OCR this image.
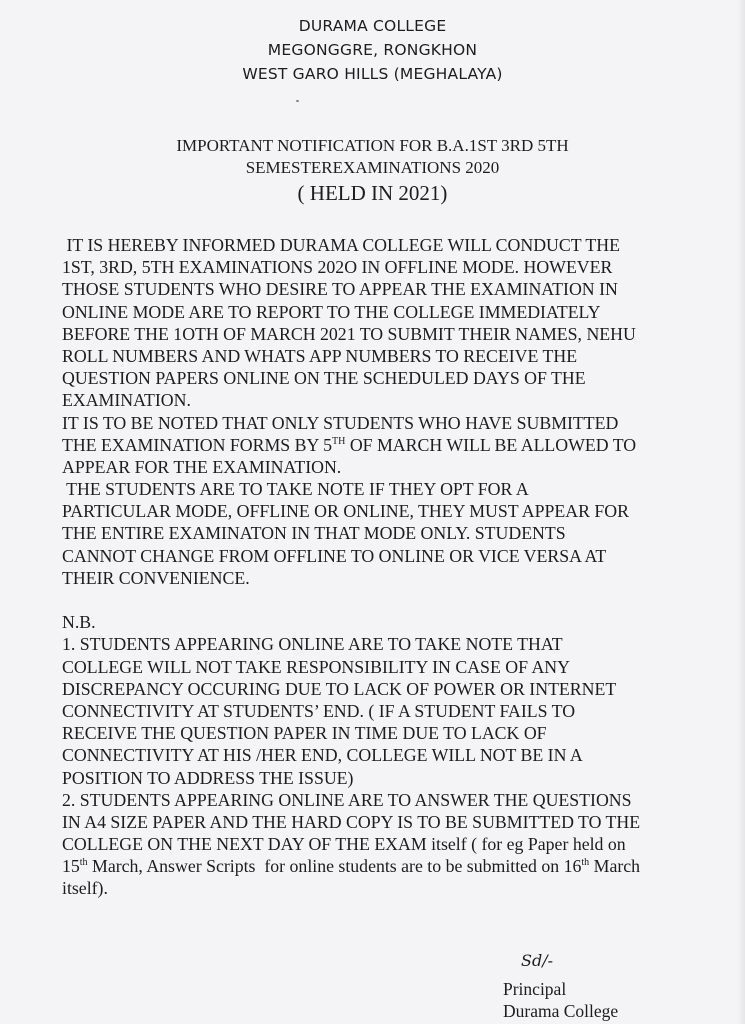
DURAMA COLLEGE
MEGONGGRE, RONGKHON
WEST GARO HILLS (MEGHALAYA)
IMPORTANT NOTIFICATION FOR B.A.1ST 3RD 5TH
SEMESTEREXAMINATIONS 2020
( HELD IN 2021)
IT IS HEREBY INFORMED DURAMA COLLEGE WILL CONDUCT THE
1ST, 3RD, 5TH EXAMINATIONS 202O IN OFFLINE MODE. HOWEVER
THOSE STUDENTS WHO DESIRE TO APPEAR THE EXAMINATION IN
ONLINE MODE ARE TO REPORT TO THE COLLEGE IMMEDIATELY
BEFORE THE 1OTH OF MARCH 2021 TO SUBMIT THEIR NAMES, NEHU
ROLL NUMBERS AND WHATS APP NUMBERS TO RECEIVE THE
QUESTION PAPERS ONLINE ON THE SCHEDULED DAYS OF THE
EXAMINATION.
IT IS TO BE NOTED THAT ONLY STUDENTS WHO HAVE SUBMITTED
THE EXAMINATION FORMS BY 5TH OF MARCH WILL BE ALLOWED TO
APPEAR FOR THE EXAMINATION.
THE STUDENTS ARE TO TAKE NOTE IF THEY OPT FOR A
PARTICULAR MODE, OFFLINE OR ONLINE, THEY MUST APPEAR FOR
THE ENTIRE EXAMINATON IN THAT MODE ONLY. STUDENTS
CANNOT CHANGE FROM OFFLINE TO ONLINE OR VICE VERSA AT
THEIR CONVENIENCE.
N.B.
1. STUDENTS APPEARING ONLINE ARE TO TAKE NOTE THAT
COLLEGE WILL NOT TAKE RESPONSIBILITY IN CASE OF ANY
DISCREPANCY OCCURING DUE TO LACK OF POWER OR INTERNET
CONNECTIVITY AT STUDENTS’ END. ( IF A STUDENT FAILS TO
RECEIVE THE QUESTION PAPER IN TIME DUE TO LACK OF
CONNECTIVITY AT HIS /HER END, COLLEGE WILL NOT BE IN A
POSITION TO ADDRESS THE ISSUE)
2. STUDENTS APPEARING ONLINE ARE TO ANSWER THE QUESTIONS
IN A4 SIZE PAPER AND THE HARD COPY IS TO BE SUBMITTED TO THE
COLLEGE ON THE NEXT DAY OF THE EXAM itself ( for eg Paper held on
15th March, Answer Scripts  for online students are to be submitted on 16th March
itself).
Sd/-
Principal
Durama College
